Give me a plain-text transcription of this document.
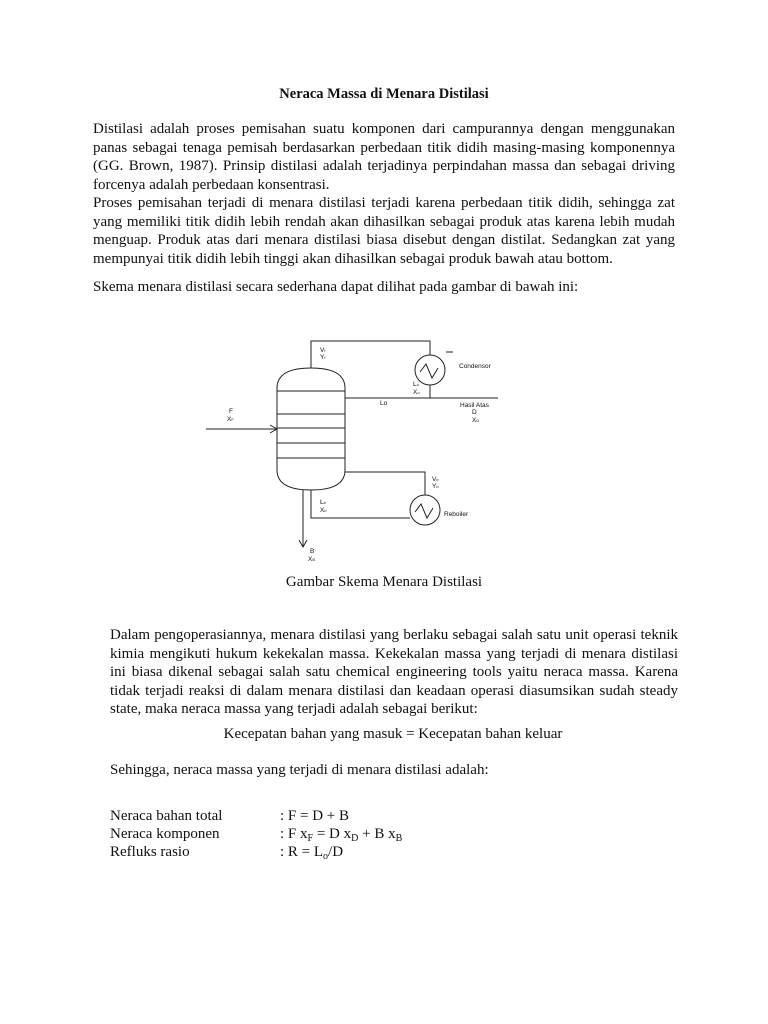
Neraca Massa di Menara Distilasi

Distilasi adalah proses pemisahan suatu komponen dari campurannya dengan menggunakan panas sebagai tenaga pemisah berdasarkan perbedaan titik didih masing-masing komponennya (GG. Brown, 1987). Prinsip distilasi adalah terjadinya perpindahan massa dan sebagai driving forcenya adalah perbedaan konsentrasi.

Proses pemisahan terjadi di menara distilasi terjadi karena perbedaan titik didih, sehingga zat yang memiliki titik didih lebih rendah akan dihasilkan sebagai produk atas karena lebih mudah menguap. Produk atas dari menara distilasi biasa disebut dengan distilat. Sedangkan zat yang mempunyai titik didih lebih tinggi akan dihasilkan sebagai produk bawah atau bottom.

Skema menara distilasi secara sederhana dapat dilihat pada gambar di bawah ini:

Vt
Yt
Condensor
Lo
Xo
Lo	Hasil Atas
D
XD
F
XF
Vb
Yb
Lb
Xb
Reboiler
B
XB
Gambar Skema Menara Distilasi

Dalam pengoperasiannya, menara distilasi yang berlaku sebagai salah satu unit operasi teknik kimia mengikuti hukum kekekalan massa. Kekekalan massa yang terjadi di menara distilasi ini biasa dikenal sebagai salah satu chemical engineering tools yaitu neraca massa. Karena tidak terjadi reaksi di dalam menara distilasi dan keadaan operasi diasumsikan sudah steady state, maka neraca massa yang terjadi adalah sebagai berikut:

Kecepatan bahan yang masuk = Kecepatan bahan keluar

Sehingga, neraca massa yang terjadi di menara distilasi adalah:

Neraca bahan total	: F = D + B
Neraca komponen	: F $x_F = D$ $x_D + B$ $x_B$
Refluks rasio	: $R = L_o/D$
